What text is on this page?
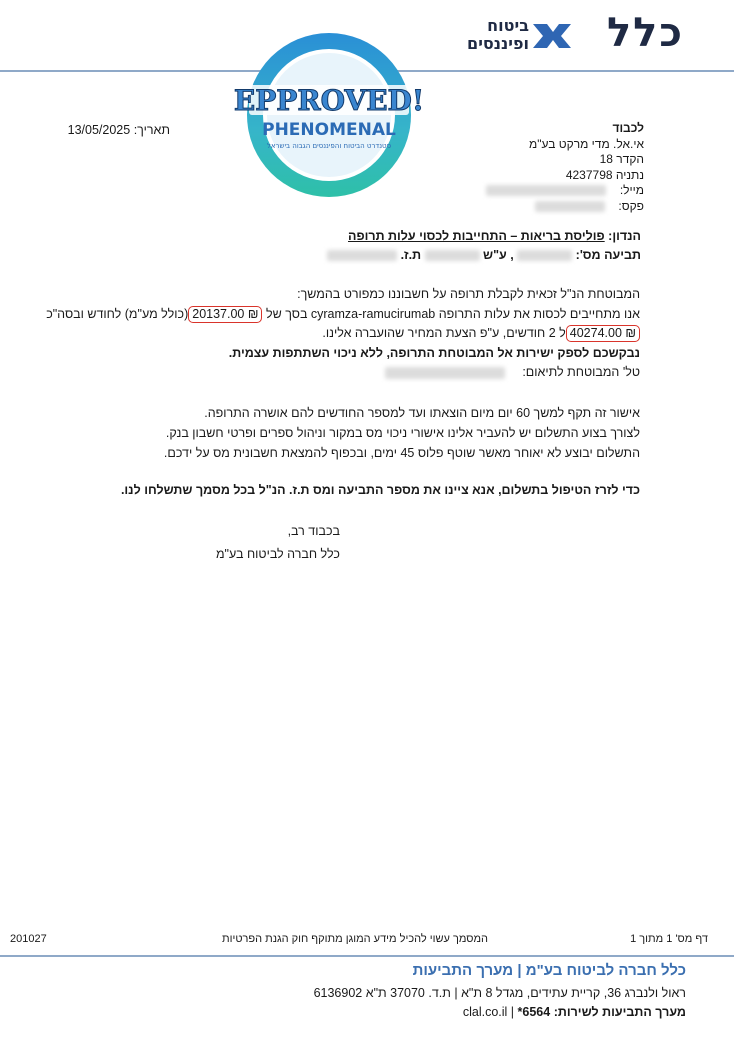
כלל
ביטוח
ופיננסים
EPPROVED!
PHENOMENAL
סטנדרט הביטוח והפיננסים הגבוה בישראל
תאריך: 13/05/2025	לכבוד
אי.אל. מדי מרקט בע"מ
הקדר 18
נתניה 4237798
מייל:
פקס:
הנדון: פוליסת בריאות – התחייבות לכסוי עלות תרופה
תביעה מס':  , ע"ש  ת.ז.
המבוטחת הנ"ל זכאית לקבלת תרופה על חשבוננו כמפורט בהמשך:
אנו מתחייבים לכסות את עלות התרופה cyramza-ramucirumab בסך של 20137.00 ₪(כולל מע"מ) לחודש ובסה"כ
40274.00 ₪ל 2 חודשים, ע"פ הצעת המחיר שהועברה אלינו.
נבקשכם לספק ישירות אל המבוטחת התרופה, ללא ניכוי השתתפות עצמית.
טל' המבוטחת לתיאום:
אישור זה תקף למשך 60 יום מיום הוצאתו ועד למספר החודשים להם אושרה התרופה.
לצורך בצוע התשלום יש להעביר אלינו אישורי ניכוי מס במקור וניהול ספרים ופרטי חשבון בנק.
התשלום יבוצע לא יאוחר מאשר שוטף פלוס 45 ימים, ובכפוף להמצאת חשבונית מס על ידכם.
כדי לזרז הטיפול בתשלום, אנא ציינו את מספר התביעה ומס ת.ז. הנ"ל בכל מסמך שתשלחו לנו.
בכבוד רב,
כלל חברה לביטוח בע"מ
דף מס' 1 מתוך 1
המסמך עשוי להכיל מידע המוגן מתוקף חוק הגנת הפרטיות
201027
כלל חברה לביטוח בע"מ | מערך התביעות
ראול ולנברג 36, קריית עתידים, מגדל 8 ת"א | ת.ד. 37070 ת"א 6136902
מערך התביעות לשירות: *6564 | clal.co.il
